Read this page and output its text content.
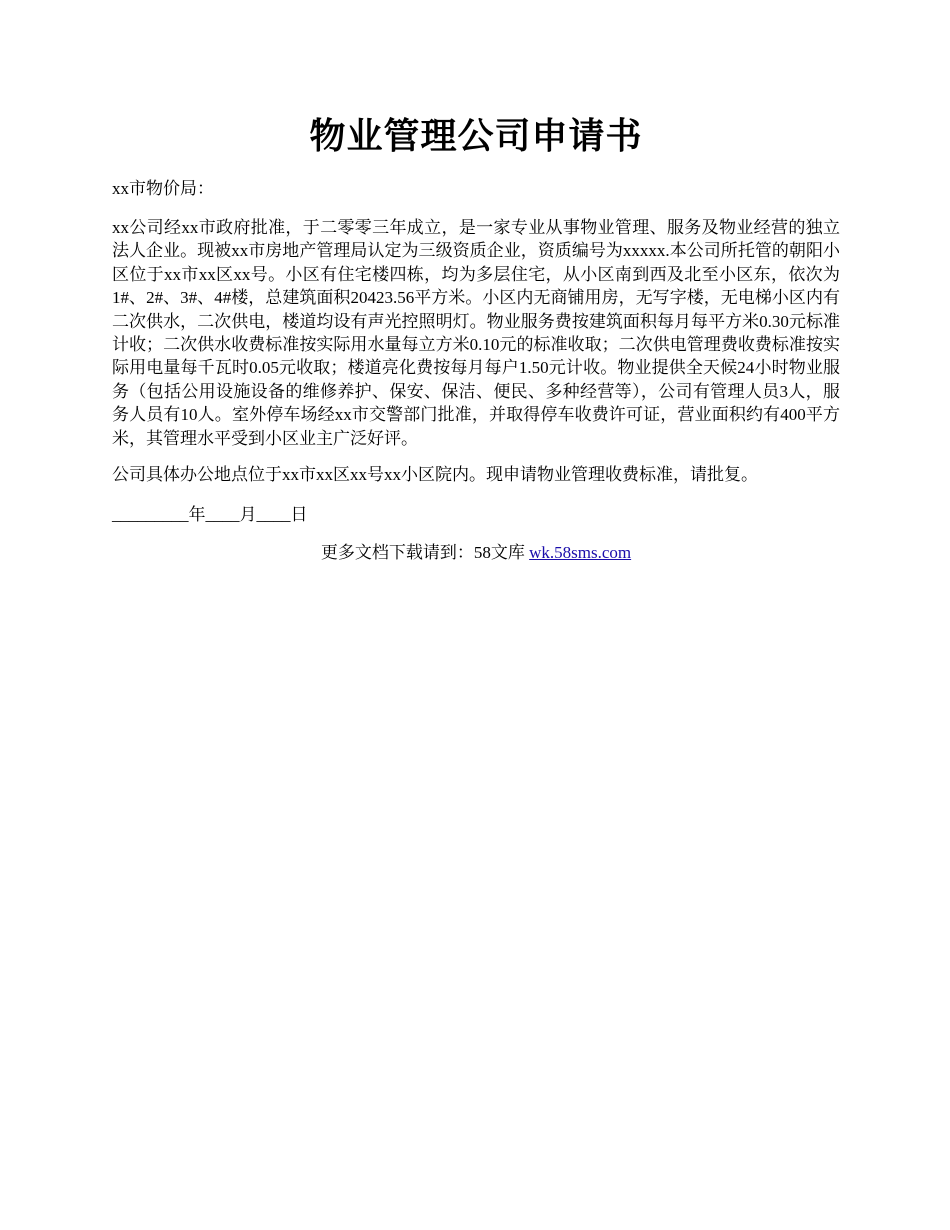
物业管理公司申请书

xx市物价局：

xx公司经xx市政府批准，于二零零三年成立，是一家专业从事物业管理、服务及物业经营的独立法人企业。现被xx市房地产管理局认定为三级资质企业，资质编号为xxxxx.本公司所托管的朝阳小区位于xx市xx区xx号。小区有住宅楼四栋，均为多层住宅，从小区南到西及北至小区东，依次为1#、2#、3#、4#楼，总建筑面积20423.56平方米。小区内无商铺用房，无写字楼，无电梯小区内有二次供水，二次供电，楼道均设有声光控照明灯。物业服务费按建筑面积每月每平方米0.30元标准计收；二次供水收费标准按实际用水量每立方米0.10元的标准收取；二次供电管理费收费标准按实际用电量每千瓦时0.05元收取；楼道亮化费按每月每户1.50元计收。物业提供全天候24小时物业服务（包括公用设施设备的维修养护、保安、保洁、便民、多种经营等），公司有管理人员3人，服务人员有10人。室外停车场经xx市交警部门批准，并取得停车收费许可证，营业面积约有400平方米，其管理水平受到小区业主广泛好评。

公司具体办公地点位于xx市xx区xx号xx小区院内。现申请物业管理收费标准，请批复。

_________年____月____日

更多文档下载请到：58文库 wk.58sms.com
